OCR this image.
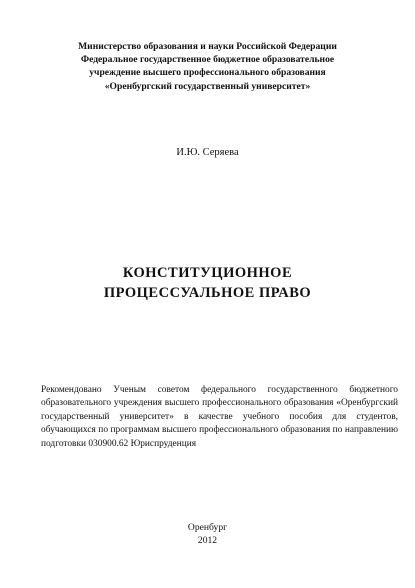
Министерство образования и науки Российской Федерации
Федеральное государственное бюджетное образовательное
учреждение высшего профессионального образования
«Оренбургский государственный университет»
И.Ю. Серяева
КОНСТИТУЦИОННОЕ
ПРОЦЕССУАЛЬНОЕ ПРАВО
Рекомендовано Ученым советом федерального государственного бюджетного
образовательного учреждения высшего профессионального образования «Оренбургский
государственный университет» в качестве учебного пособия для студентов,
обучающихся по программам высшего профессионального образования по направлению
подготовки 030900.62 Юриспруденция
Оренбург
2012
